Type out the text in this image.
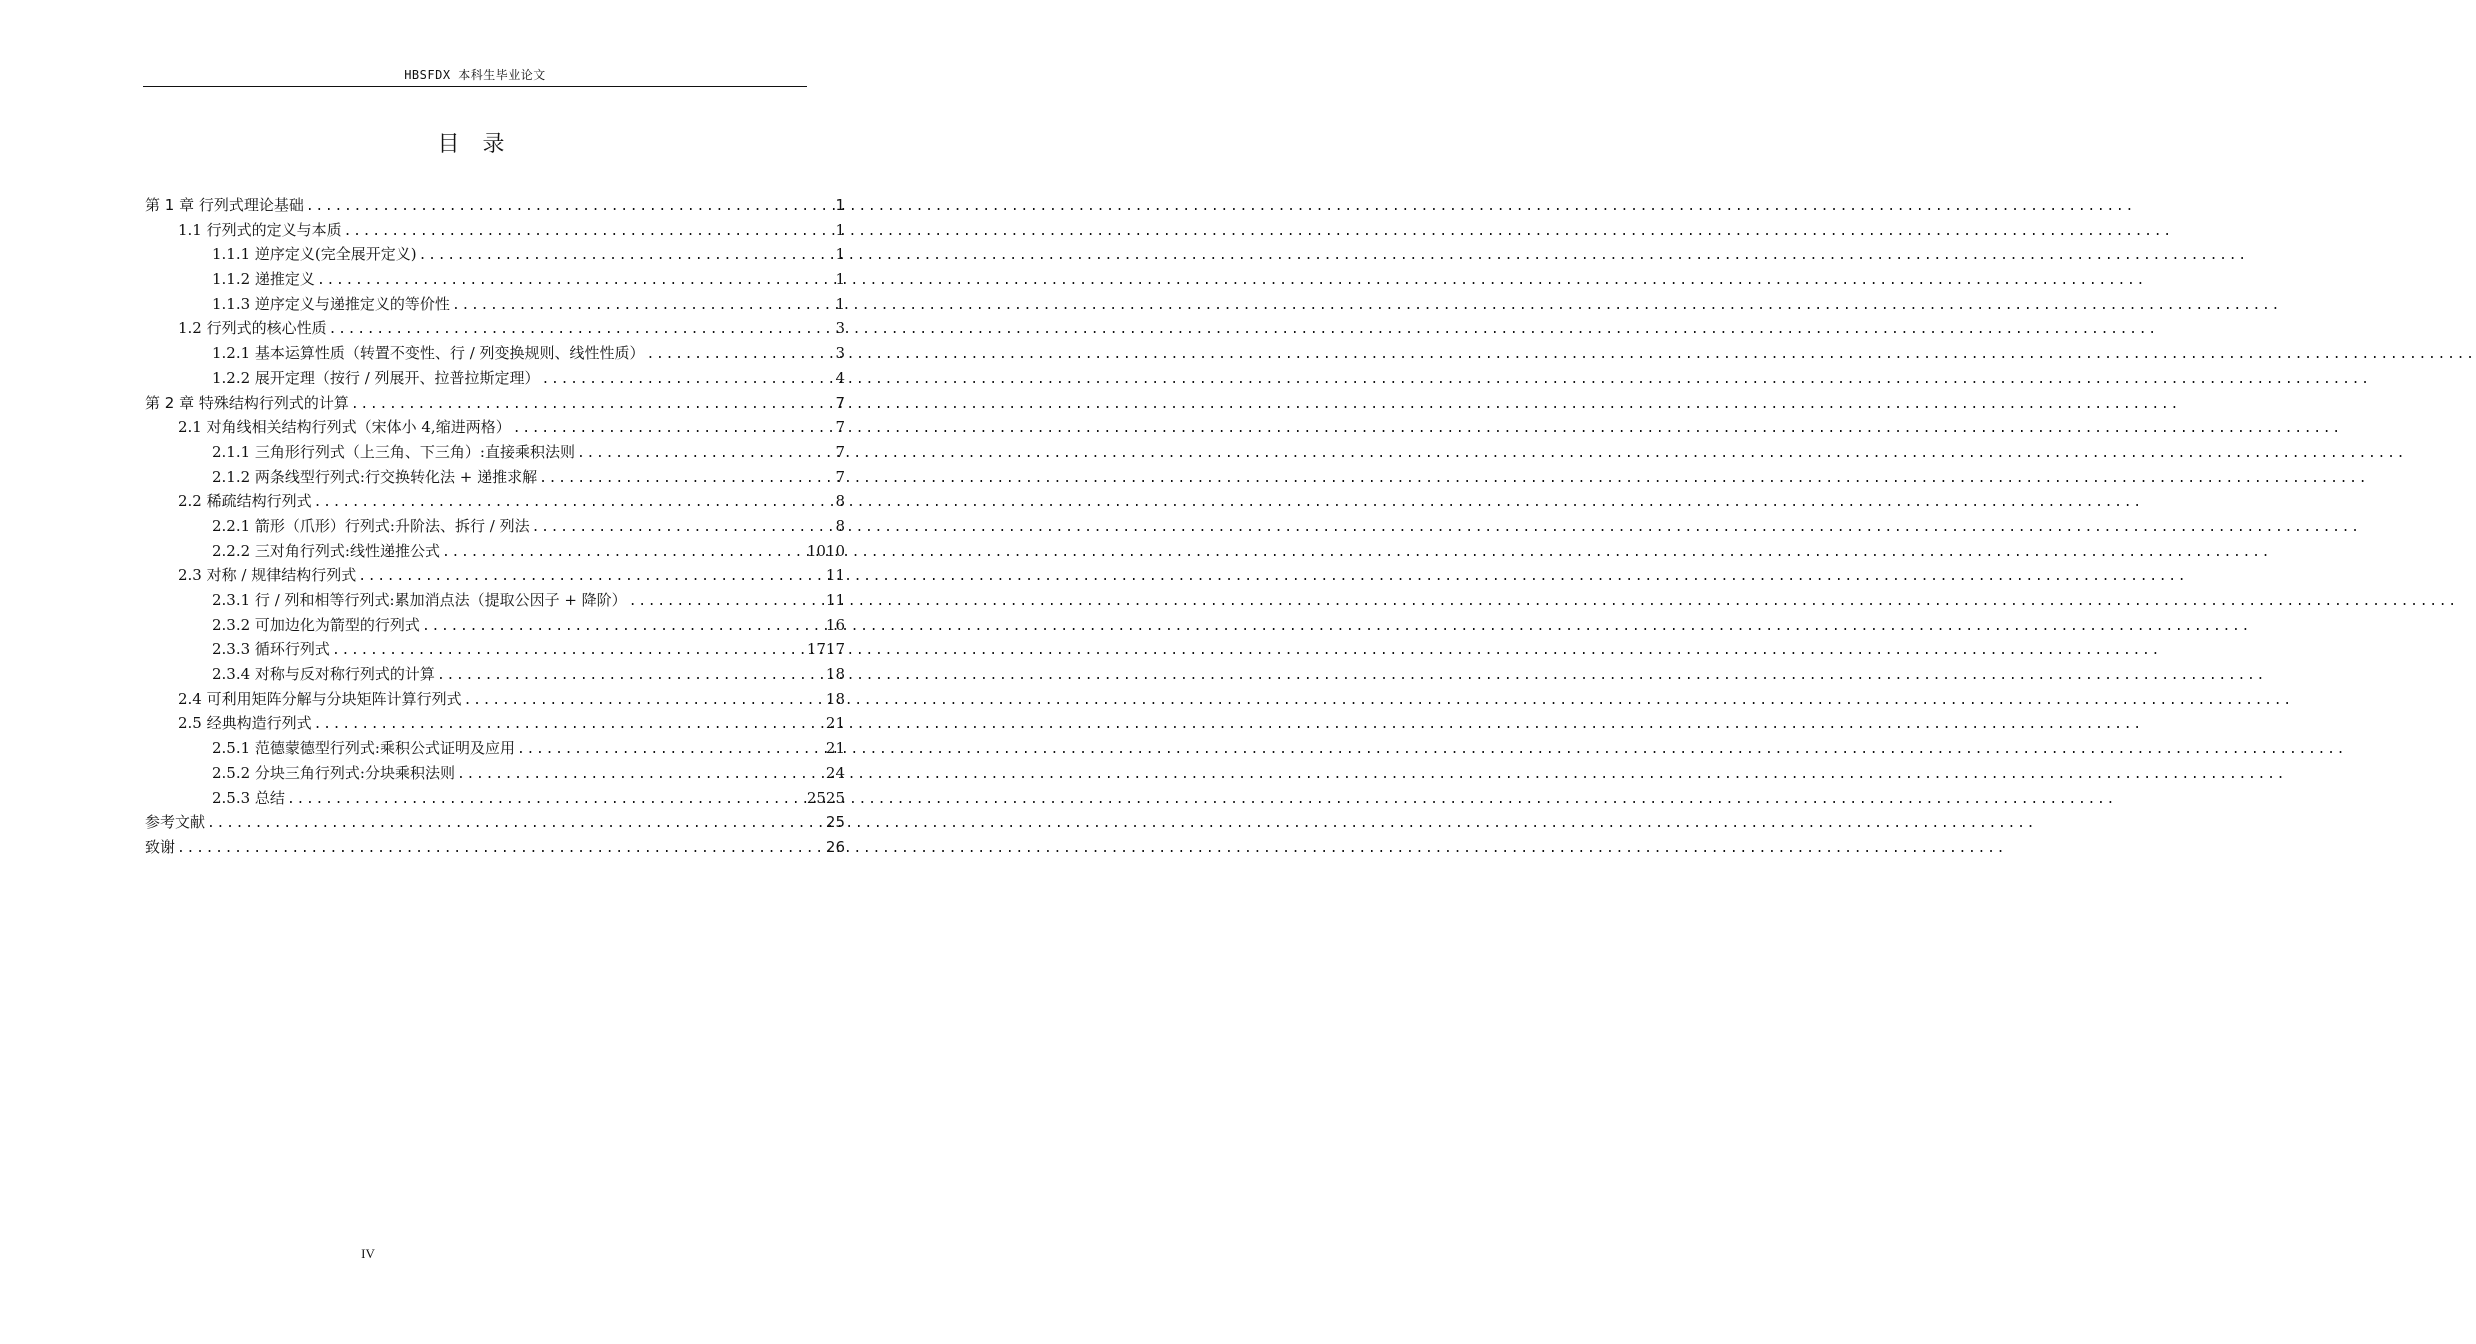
HBSFDX 本科生毕业论文
目 录
第 1 章 行列式理论基础 .....	1
1.1 行列式的定义与本质 .....	1
1.1.1 逆序定义(完全展开定义) .....	1
1.1.2 递推定义 .....	1
1.1.3 逆序定义与递推定义的等价性 .....	1
1.2 行列式的核心性质 .....	3
1.2.1 基本运算性质（转置不变性、行 / 列变换规则、线性性质） .....	3
1.2.2 展开定理（按行 / 列展开、拉普拉斯定理） .....	4
第 2 章 特殊结构行列式的计算 .....	7
2.1 对角线相关结构行列式（宋体小 4,缩进两格） .....	7
2.1.1 三角形行列式（上三角、下三角）:直接乘积法则 .....	7
2.1.2 两条线型行列式:行交换转化法 + 递推求解 .....	7
2.2 稀疏结构行列式 .....	8
2.2.1 箭形（爪形）行列式:升阶法、拆行 / 列法 .....	8
2.2.2 三对角行列式:线性递推公式 .....	1010
2.3 对称 / 规律结构行列式 .....	11
2.3.1 行 / 列和相等行列式:累加消点法（提取公因子 + 降阶） .....	11
2.3.2 可加边化为箭型的行列式 .....	16
2.3.3 循环行列式 .....	1717
2.3.4 对称与反对称行列式的计算 .....	18
2.4 可利用矩阵分解与分块矩阵计算行列式 .....	18
2.5 经典构造行列式 .....	21
2.5.1 范德蒙德型行列式:乘积公式证明及应用 .....	21
2.5.2 分块三角行列式:分块乘积法则 .....	24
2.5.3 总结 .....	2525
参考文献 .....	25
致谢 .....	26
IV
